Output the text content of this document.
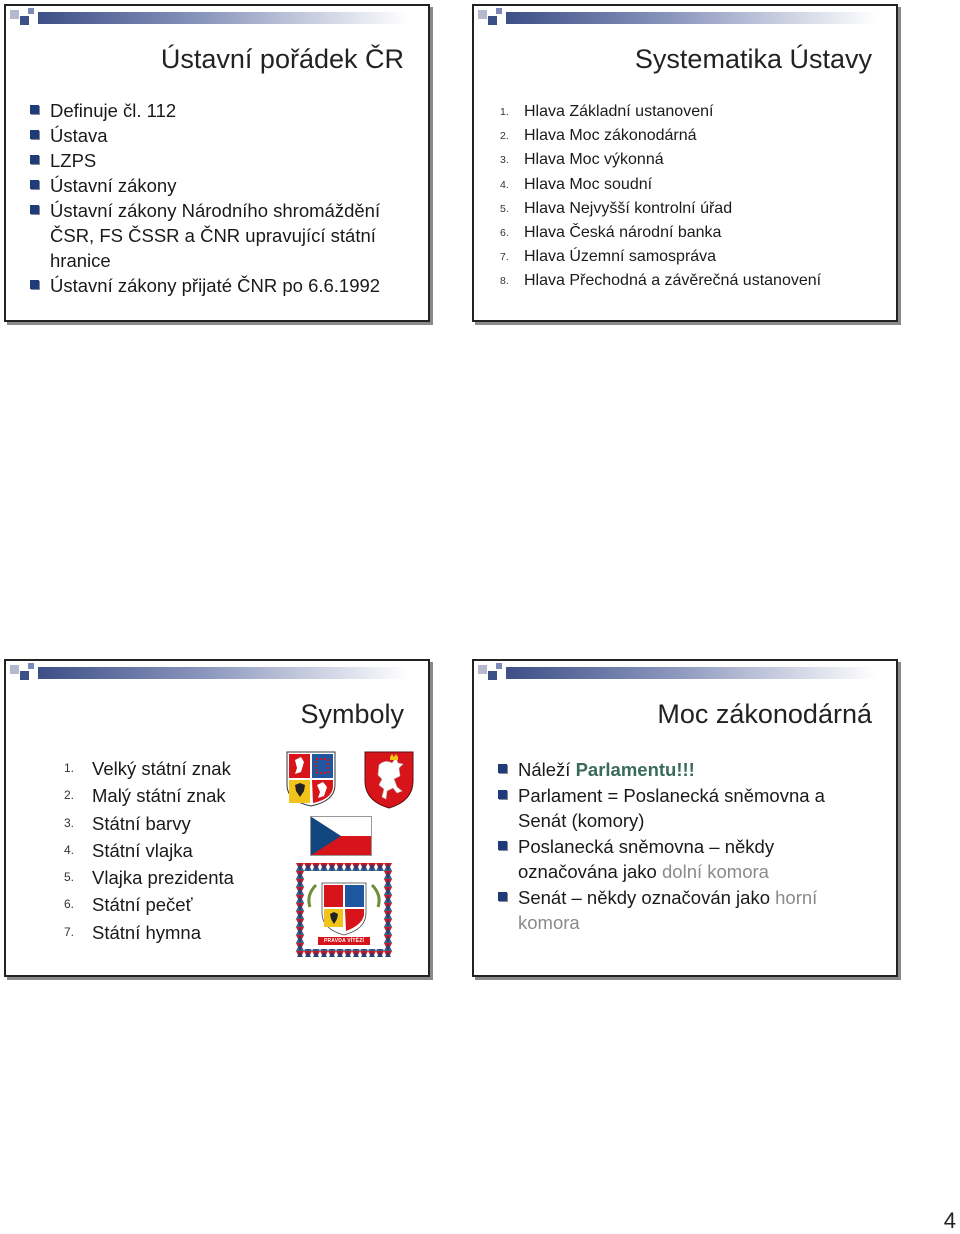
Ústavní pořádek ČR
Definuje čl. 112
Ústava
LZPS
Ústavní zákony
Ústavní zákony Národního shromáždění ČSR, FS ČSSR a ČNR upravující státní hranice
Ústavní zákony přijaté ČNR po 6.6.1992
Systematika Ústavy
1. Hlava Základní ustanovení
2. Hlava Moc zákonodárná
3. Hlava Moc výkonná
4. Hlava Moc soudní
5. Hlava Nejvyšší kontrolní úřad
6. Hlava Česká národní banka
7. Hlava Územní samospráva
8. Hlava Přechodná a závěrečná ustanovení
Symboly
1. Velký státní znak
2. Malý státní znak
3. Státní barvy
4. Státní vlajka
5. Vlajka prezidenta
6. Státní pečeť
7. Státní hymna	PRAVDA VÍTĚZÍ
Moc zákonodárná
Náleží Parlamentu!!!
Parlament = Poslanecká sněmovna a Senát (komory)
Poslanecká sněmovna – někdy označována jako dolní komora
Senát – někdy označován jako horní komora
4
